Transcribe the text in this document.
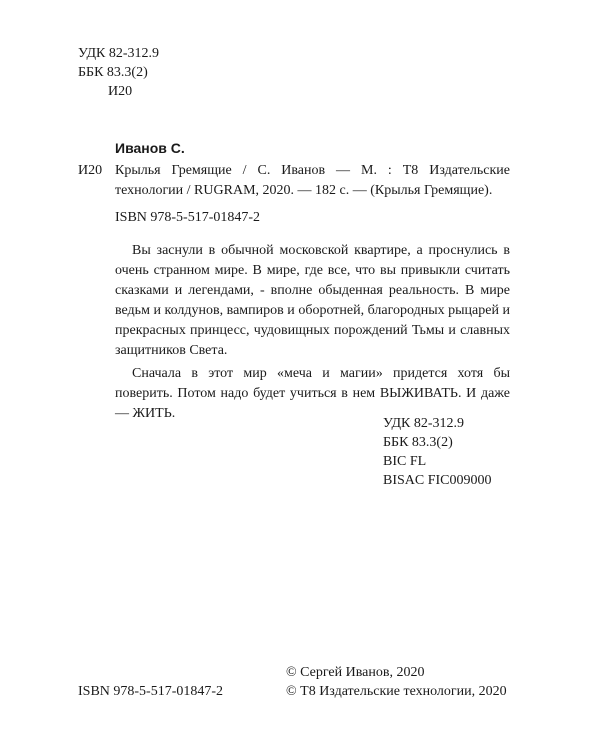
УДК 82-312.9
ББК 83.3(2)
И20
Иванов С.
И20 Крылья Гремящие / С. Иванов — М. : Т8 Издательские
технологии / RUGRAM, 2020. — 182 с. — (Крылья Гремящие).
ISBN 978-5-517-01847-2

Вы заснули в обычной московской квартире, а проснулись в очень странном мире. В мире, где все, что вы привыкли считать сказками и легендами, - вполне обыденная реальность. В мире ведьм и колдунов, вампиров и оборотней, благородных рыцарей и прекрасных принцесс, чудовищных порождений Тьмы и славных защитников Света.

Сначала в этот мир «меча и магии» придется хотя бы поверить. Потом надо будет учиться в нем ВЫЖИВАТЬ. И даже — ЖИТЬ.

УДК 82-312.9
ББК 83.3(2)
BIC FL
BISAC FIC009000
© Сергей Иванов, 2020
© Т8 Издательские технологии, 2020
ISBN 978-5-517-01847-2
